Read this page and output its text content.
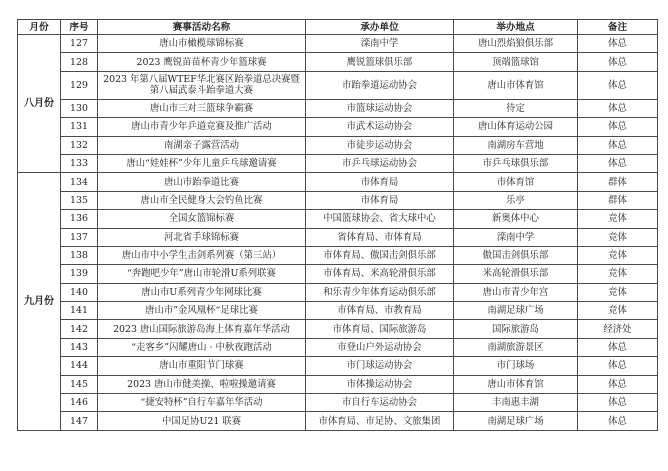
月份	序号	赛事活动名称	承办单位	举办地点	备注
八月份	127	唐山市橄榄球锦标赛	滦南中学	唐山烈焰狼俱乐部	体总
	128	2023 鹰锐苗苗杯青少年篮球赛	鹰锐篮球俱乐部	顶端篮球馆	体总
	129	2023 年第八届WTEF华北赛区跆拳道总决赛暨第八届武泰斗跆拳道大赛	市跆拳道运动协会	唐山市体育馆	体总
	130	唐山市三对三篮球争霸赛	市篮球运动协会	待定	体总
	131	唐山市青少年乒道竞赛及推广活动	市武术运动协会	唐山体育运动公园	体总
	132	南湖亲子露营活动	市徒步运动协会	南湖房车营地	体总
	133	唐山“娃娃杯”少年儿童乒乓球邀请赛	市乒乓球运动协会	市乒乓球俱乐部	体总
九月份	134	唐山市跆拳道比赛	市体育局	市体育馆	群体
	135	唐山市全民健身大会钓鱼比赛	市体育局	乐亭	群体
	136	全国女篮锦标赛	中国篮球协会、省大球中心	新奥体中心	竞体
	137	河北省手球锦标赛	省体育局、市体育局	滦南中学	竞体
	138	唐山市中小学生击剑系列赛（第三站）	市体育局、傲国击剑俱乐部	傲国击剑俱乐部	竞体
	139	“奔跑吧少年”唐山市轮滑U系列联赛	市体育局、米高轮滑俱乐部	米高轮滑俱乐部	竞体
	140	唐山市U系列青少年网球比赛	和乐青少年体育运动俱乐部	唐山市青少年宫	竞体
	141	唐山市”金风凰杯“足球比赛	市体育局、市教育局	南湖足球广场	竞体
	142	2023 唐山国际旅游岛海上体育嘉年华活动	市体育局、国际旅游岛	国际旅游岛	经济处
	143	“走客乡”闪耀唐山 · 中秋夜跑活动	市登山户外运动协会	南湖旅游景区	体总
	144	唐山市重阳节门球赛	市门球运动协会	市门球场	体总
	145	2023 唐山市健美操、啦啦操邀请赛	市体操运动协会	唐山市体育馆	体总
	146	“捷安特杯”自行车嘉年华活动	市自行车运动协会	丰南惠丰湖	体总
	147	中国足协U21 联赛	市体育局、市足协、文旅集团	南湖足球广场	体总
